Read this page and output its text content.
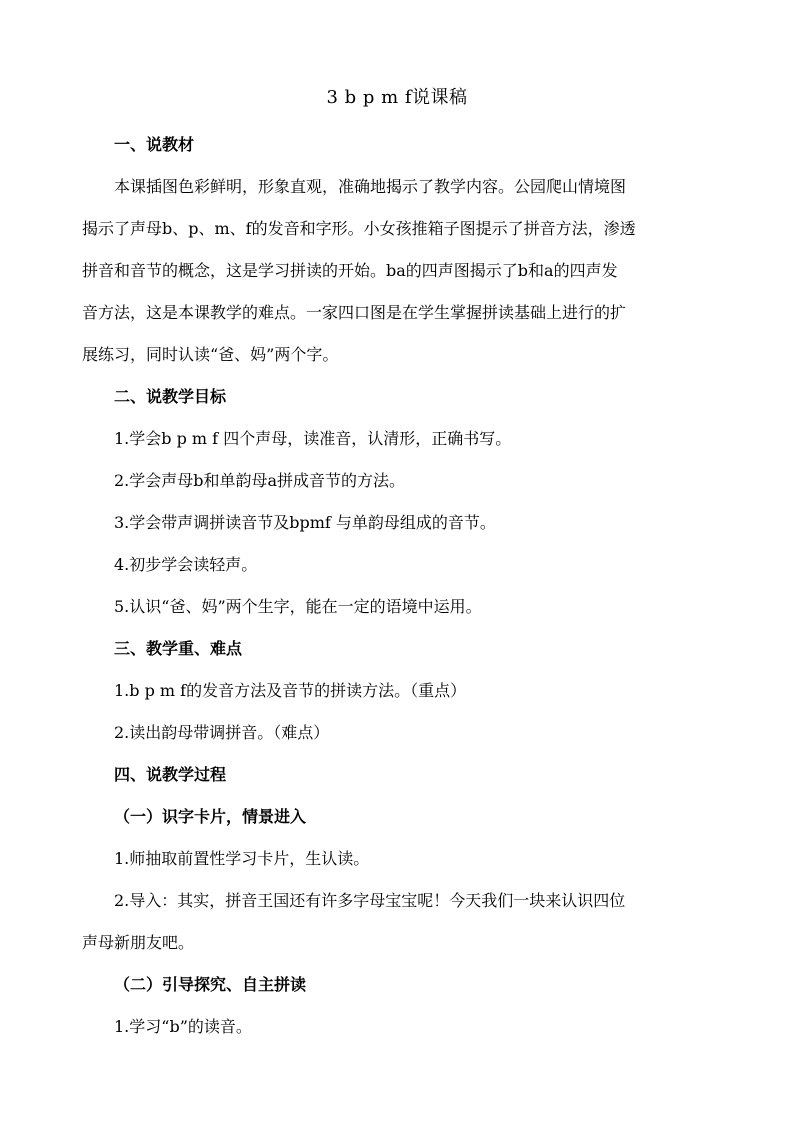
3 b p m f说课稿
一、说教材
本课插图色彩鲜明，形象直观，准确地揭示了教学内容。公园爬山情境图
揭示了声母b、p、m、f的发音和字形。小女孩推箱子图提示了拼音方法，渗透
拼音和音节的概念，这是学习拼读的开始。ba的四声图揭示了b和a的四声发
音方法，这是本课教学的难点。一家四口图是在学生掌握拼读基础上进行的扩
展练习，同时认读“爸、妈”两个字。
二、说教学目标
1.学会b p m f 四个声母，读准音，认清形，正确书写。
2.学会声母b和单韵母a拼成音节的方法。
3.学会带声调拼读音节及bpmf 与单韵母组成的音节。
4.初步学会读轻声。
5.认识“爸、妈”两个生字，能在一定的语境中运用。
三、教学重、难点
1.b p m f的发音方法及音节的拼读方法。（重点）
2.读出韵母带调拼音。（难点）
四、说教学过程
（一）识字卡片，情景进入
1.师抽取前置性学习卡片，生认读。
2.导入：其实，拼音王国还有许多字母宝宝呢！今天我们一块来认识四位
声母新朋友吧。
（二）引导探究、自主拼读
1.学习“b”的读音。
